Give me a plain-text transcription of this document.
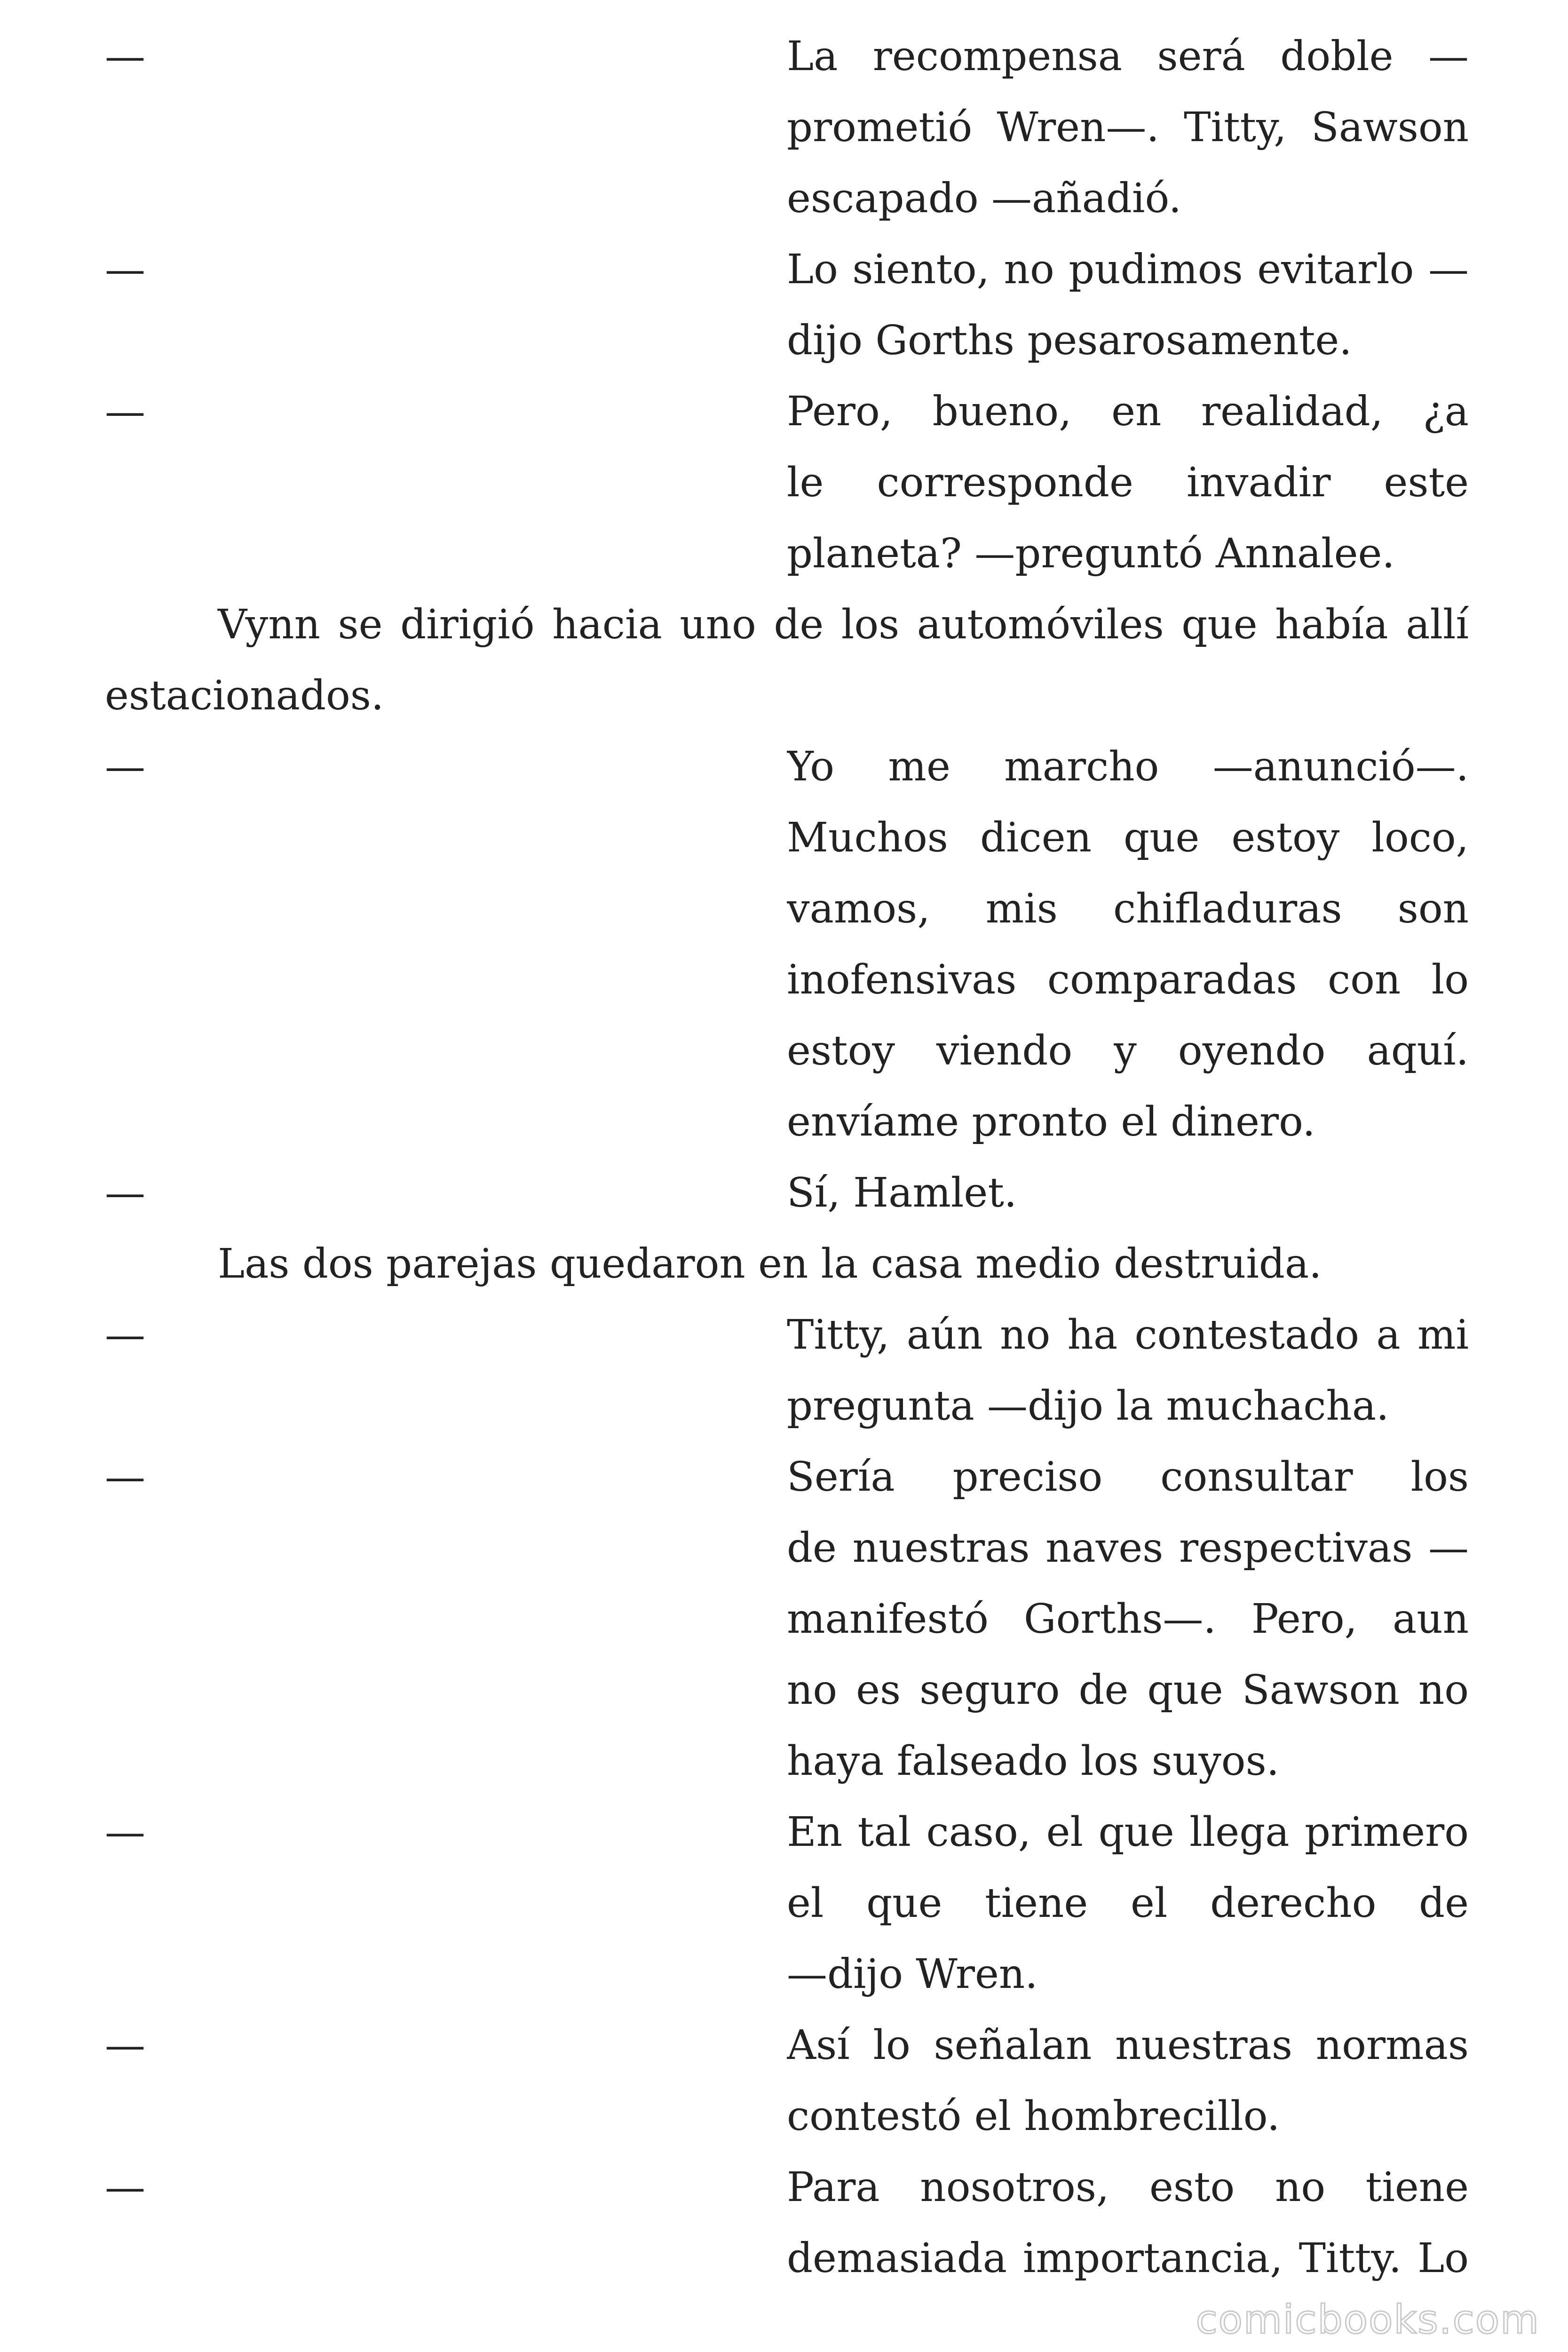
—	La recompensa será doble —
prometió Wren—. Titty, Sawson
escapado —añadió.
—	Lo siento, no pudimos evitarlo —
dijo Gorths pesarosamente.
—	Pero, bueno, en realidad, ¿a
le corresponde invadir este
planeta? —preguntó Annalee.
Vynn se dirigió hacia uno de los automóviles que había allí
estacionados.
—	Yo me marcho —anunció—.
Muchos dicen que estoy loco,
vamos, mis chifladuras son
inofensivas comparadas con lo
estoy viendo y oyendo aquí.
envíame pronto el dinero.
—	Sí, Hamlet.
Las dos parejas quedaron en la casa medio destruida.
—	Titty, aún no ha contestado a mi
pregunta —dijo la muchacha.
—	Sería preciso consultar los
de nuestras naves respectivas —
manifestó Gorths—. Pero, aun
no es seguro de que Sawson no
haya falseado los suyos.
—	En tal caso, el que llega primero
el que tiene el derecho de
—dijo Wren.
—	Así lo señalan nuestras normas
contestó el hombrecillo.
—	Para nosotros, esto no tiene
demasiada importancia, Titty. Lo
comicbooks.com
